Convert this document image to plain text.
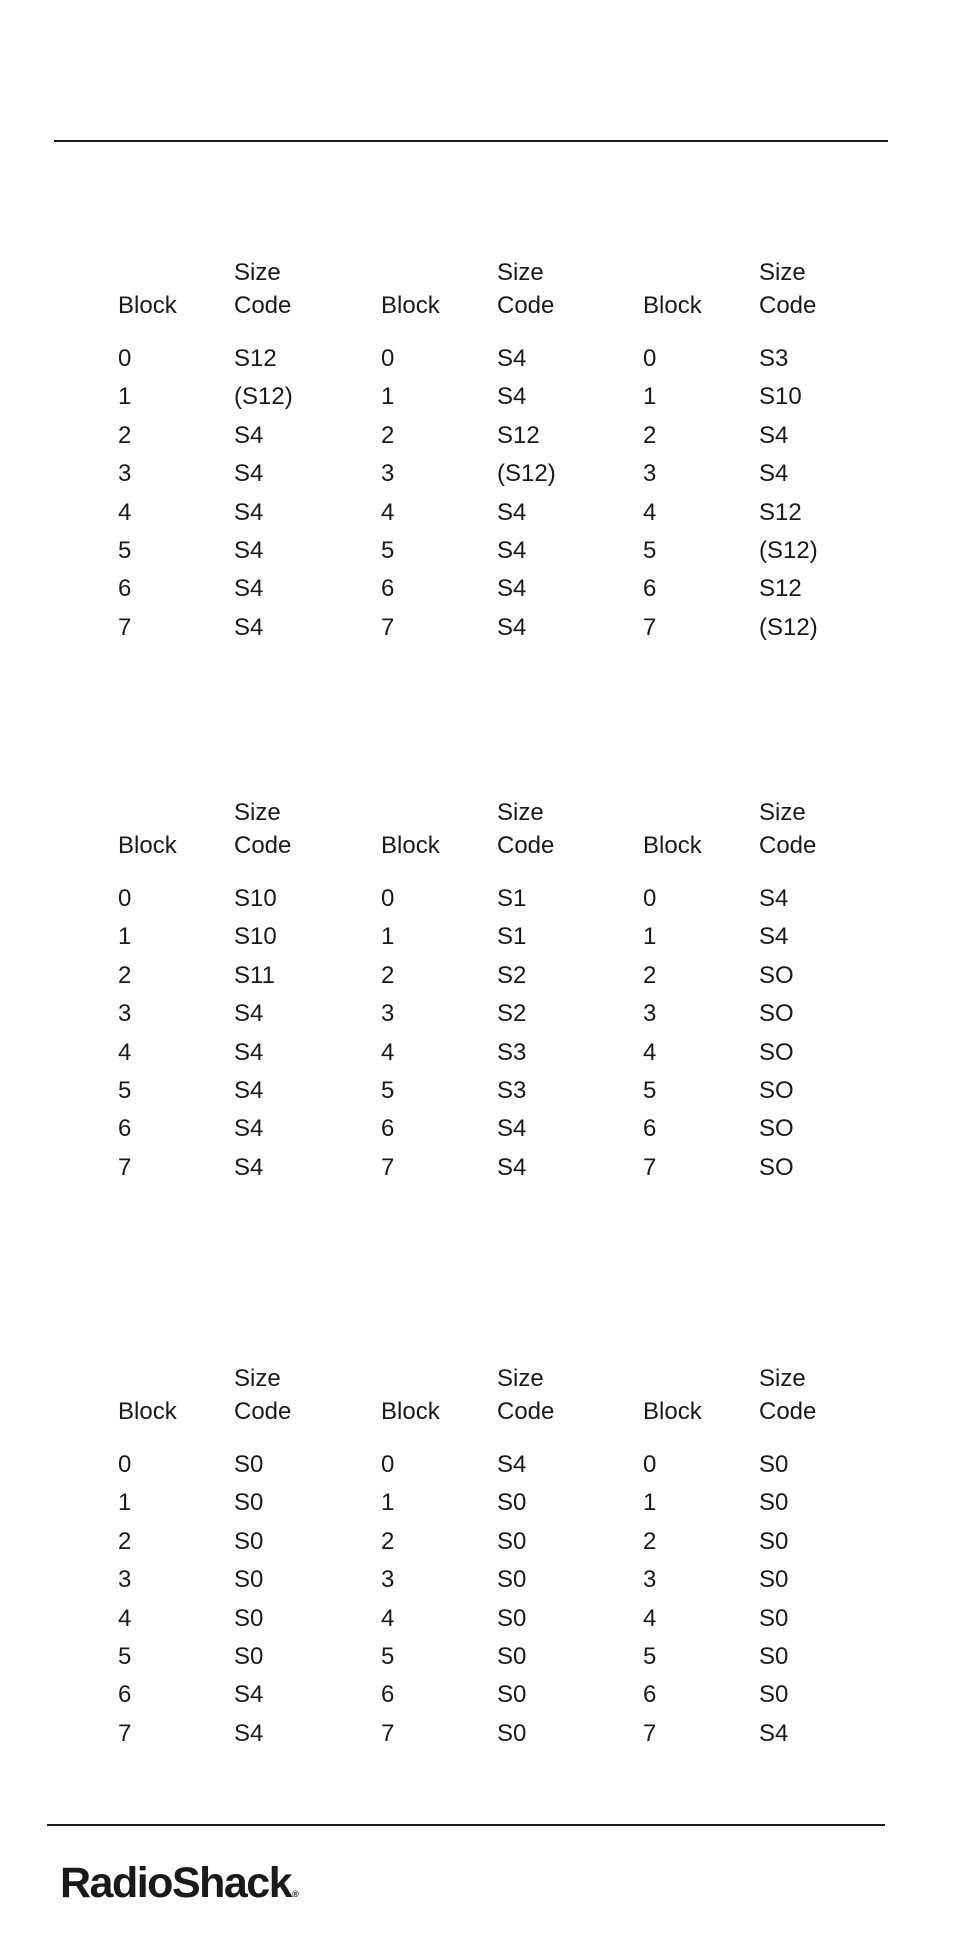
Size
Block Code
0	S12
1	(S12)
2	S4
3	S4
4	S4
5	S4
6	S4
7	S4
Size
Block Code
0	S4
1	S4
2	S12
3	(S12)
4	S4
5	S4
6	S4
7	S4
Size
Block Code
0	S3
1	S10
2	S4
3	S4
4	S12
5	(S12)
6	S12
7	(S12)
Size
Block Code
0	S10
1	S10
2	S11
3	S4
4	S4
5	S4
6	S4
7	S4
Size
Block Code
0	S1
1	S1
2	S2
3	S2
4	S3
5	S3
6	S4
7	S4
Size
Block Code
0	S4
1	S4
2	SO
3	SO
4	SO
5	SO
6	SO
7	SO
Size
Block Code
0	S0
1	S0
2	S0
3	S0
4	S0
5	S0
6	S4
7	S4
Size
Block Code
0	S4
1	S0
2	S0
3	S0
4	S0
5	S0
6	S0
7	S0
Size
Block Code
0	S0
1	S0
2	S0
3	S0
4	S0
5	S0
6	S0
7	S4
RadioShack®
